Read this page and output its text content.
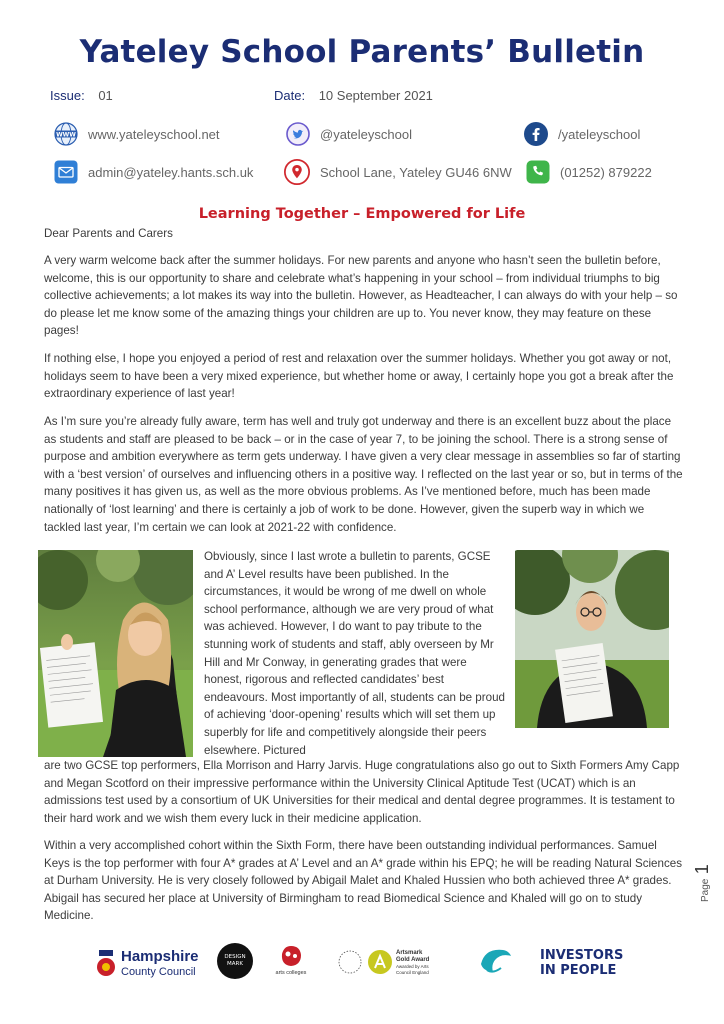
Yateley School Parents’ Bulletin
Issue: 01	Date: 10 September 2021
WWW www.yateleyschool.net	@yateleyschool	/yateleyschool
admin@yateley.hants.sch.uk	School Lane, Yateley GU46 6NW	(01252) 879222
Learning Together – Empowered for Life

Dear Parents and Carers

A very warm welcome back after the summer holidays. For new parents and anyone who hasn’t seen the bulletin before, welcome, this is our opportunity to share and celebrate what’s happening in your school – from individual triumphs to big collective achievements; a lot makes its way into the bulletin. However, as Headteacher, I can always do with your help – so do please let me know some of the amazing things your children are up to. You never know, they may feature on these pages!

If nothing else, I hope you enjoyed a period of rest and relaxation over the summer holidays. Whether you got away or not, holidays seem to have been a very mixed experience, but whether home or away, I certainly hope you got a break after the extraordinary experience of last year!

As I’m sure you’re already fully aware, term has well and truly got underway and there is an excellent buzz about the place as students and staff are pleased to be back – or in the case of year 7, to be joining the school. There is a strong sense of purpose and ambition everywhere as term gets underway. I have given a very clear message in assemblies so far of starting with a ‘best version’ of ourselves and influencing others in a positive way. I reflected on the last year or so, but in terms of the many positives it has given us, as well as the more obvious problems. As I’ve mentioned before, much has been made nationally of ‘lost learning’ and there is certainly a job of work to be done. However, given the superb way in which we tackled last year, I’m certain we can look at 2021-22 with confidence.

Obviously, since I last wrote a bulletin to parents, GCSE and A’ Level results have been published. In the circumstances, it would be wrong of me dwell on whole school performance, although we are very proud of what was achieved. However, I do want to pay tribute to the stunning work of students and staff, ably overseen by Mr Hill and Mr Conway, in generating grades that were honest, rigorous and reflected candidates’ best endeavours. Most importantly of all, students can be proud of achieving ‘door-opening’ results which will set them up superbly for life and competitively alongside their peers elsewhere. Pictured

are two GCSE top performers, Ella Morrison and Harry Jarvis. Huge congratulations also go out to Sixth Formers Amy Capp and Megan Scotford on their impressive performance within the University Clinical Aptitude Test (UCAT) which is an admissions test used by a consortium of UK Universities for their medical and dental degree programmes. It is testament to their hard work and we wish them every luck in their medicine application.

Within a very accomplished cohort within the Sixth Form, there have been outstanding individual performances. Samuel Keys is the top performer with four A* grades at A’ Level and an A* grade within his EPQ; he will be reading Natural Sciences at Durham University. He is very closely followed by Abigail Malet and Khaled Hussien who both achieved three A* grades. Abigail has secured her place at University of Birmingham to read Biomedical Science and Khaled will go on to study Medicine.

Page 1
Hampshire
County Council
DESIGN MARK
arts colleges
Artsmark
Gold Award
Awarded by Arts Council England
INVESTORS
IN PEOPLE
